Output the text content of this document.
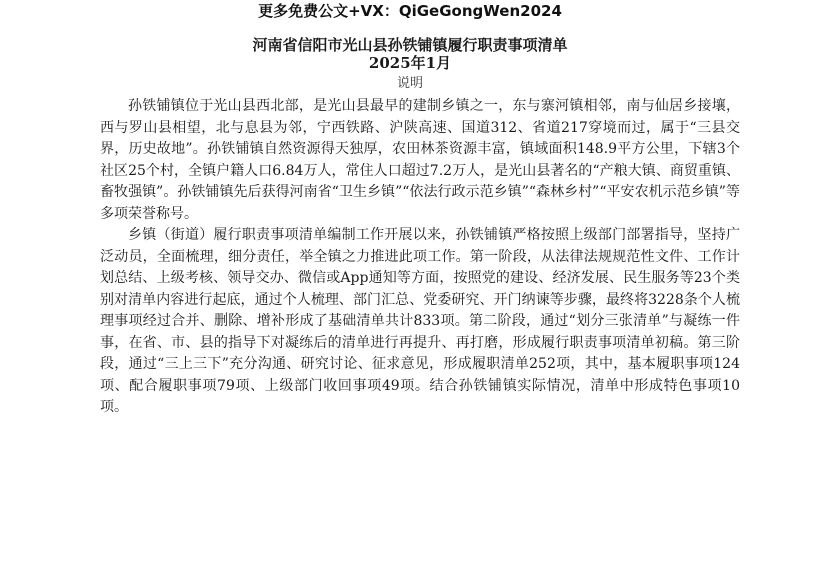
更多免费公文+VX：QiGeGongWen2024
河南省信阳市光山县孙铁铺镇履行职责事项清单
2025年1月
说明

孙铁铺镇位于光山县西北部，是光山县最早的建制乡镇之一，东与寨河镇相邻，南与仙居乡接壤，西与罗山县相望，北与息县为邻，宁西铁路、沪陕高速、国道312、省道217穿境而过，属于“三县交界，历史故地”。孙铁铺镇自然资源得天独厚，农田林茶资源丰富，镇域面积148.9平方公里，下辖3个社区25个村，全镇户籍人口6.84万人，常住人口超过7.2万人，是光山县著名的“产粮大镇、商贸重镇、畜牧强镇”。孙铁铺镇先后获得河南省“卫生乡镇”“依法行政示范乡镇”“森林乡村”“平安农机示范乡镇”等多项荣誉称号。

乡镇（街道）履行职责事项清单编制工作开展以来，孙铁铺镇严格按照上级部门部署指导，坚持广泛动员，全面梳理，细分责任，举全镇之力推进此项工作。第一阶段，从法律法规规范性文件、工作计划总结、上级考核、领导交办、微信或App通知等方面，按照党的建设、经济发展、民生服务等23个类别对清单内容进行起底，通过个人梳理、部门汇总、党委研究、开门纳谏等步骤，最终将3228条个人梳理事项经过合并、删除、增补形成了基础清单共计833项。第二阶段，通过“划分三张清单”与凝练一件事，在省、市、县的指导下对凝练后的清单进行再提升、再打磨，形成履行职责事项清单初稿。第三阶段，通过“三上三下”充分沟通、研究讨论、征求意见，形成履职清单252项，其中，基本履职事项124项、配合履职事项79项、上级部门收回事项49项。结合孙铁铺镇实际情况，清单中形成特色事项10项。
